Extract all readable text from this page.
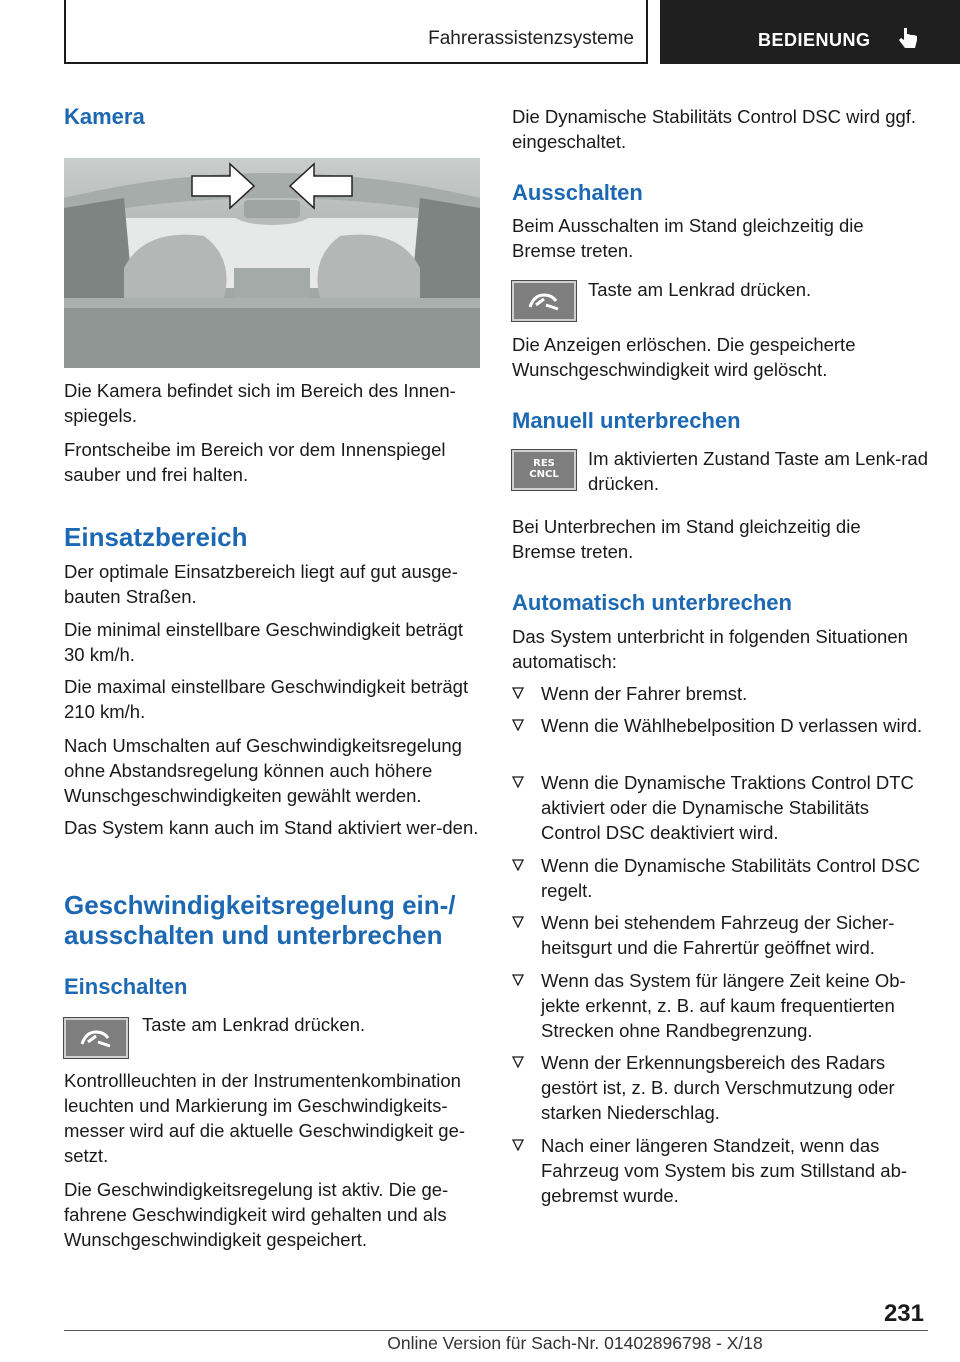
Fahrerassistenzsysteme	BEDIENUNG
Kamera

Die Kamera befindet sich im Bereich des Innen-spiegels.

Frontscheibe im Bereich vor dem Innenspiegel sauber und frei halten.

Einsatzbereich

Der optimale Einsatzbereich liegt auf gut ausge-bauten Straßen.

Die minimal einstellbare Geschwindigkeit beträgt 30 km/h.

Die maximal einstellbare Geschwindigkeit beträgt 210 km/h.

Nach Umschalten auf Geschwindigkeitsregelung ohne Abstandsregelung können auch höhere Wunschgeschwindigkeiten gewählt werden.

Das System kann auch im Stand aktiviert wer-den.

Geschwindigkeitsregelung ein-/
ausschalten und unterbrechen
Einschalten

Taste am Lenkrad drücken.

Kontrollleuchten in der Instrumentenkombination leuchten und Markierung im Geschwindigkeits-messer wird auf die aktuelle Geschwindigkeit ge-setzt.

Die Geschwindigkeitsregelung ist aktiv. Die ge-fahrene Geschwindigkeit wird gehalten und als Wunschgeschwindigkeit gespeichert.

Die Dynamische Stabilitäts Control DSC wird ggf. eingeschaltet.

Ausschalten

Beim Ausschalten im Stand gleichzeitig die Bremse treten.

Taste am Lenkrad drücken.

Die Anzeigen erlöschen. Die gespeicherte Wunschgeschwindigkeit wird gelöscht.

Manuell unterbrechen
RES
CNCL

Im aktivierten Zustand Taste am Lenk-rad drücken.

Bei Unterbrechen im Stand gleichzeitig die Bremse treten.

Automatisch unterbrechen

Das System unterbricht in folgenden Situationen automatisch:

Wenn der Fahrer bremst.
Wenn die Wählhebelposition D verlassen wird.
Wenn die Dynamische Traktions Control DTC aktiviert oder die Dynamische Stabilitäts Control DSC deaktiviert wird.
Wenn die Dynamische Stabilitäts Control DSC regelt.
Wenn bei stehendem Fahrzeug der Sicher-heitsgurt und die Fahrertür geöffnet wird.
Wenn das System für längere Zeit keine Ob-jekte erkennt, z. B. auf kaum frequentierten Strecken ohne Randbegrenzung.
Wenn der Erkennungsbereich des Radars gestört ist, z. B. durch Verschmutzung oder starken Niederschlag.
Nach einer längeren Standzeit, wenn das Fahrzeug vom System bis zum Stillstand ab-gebremst wurde.
231
Online Version für Sach-Nr. 01402896798 - X/18
